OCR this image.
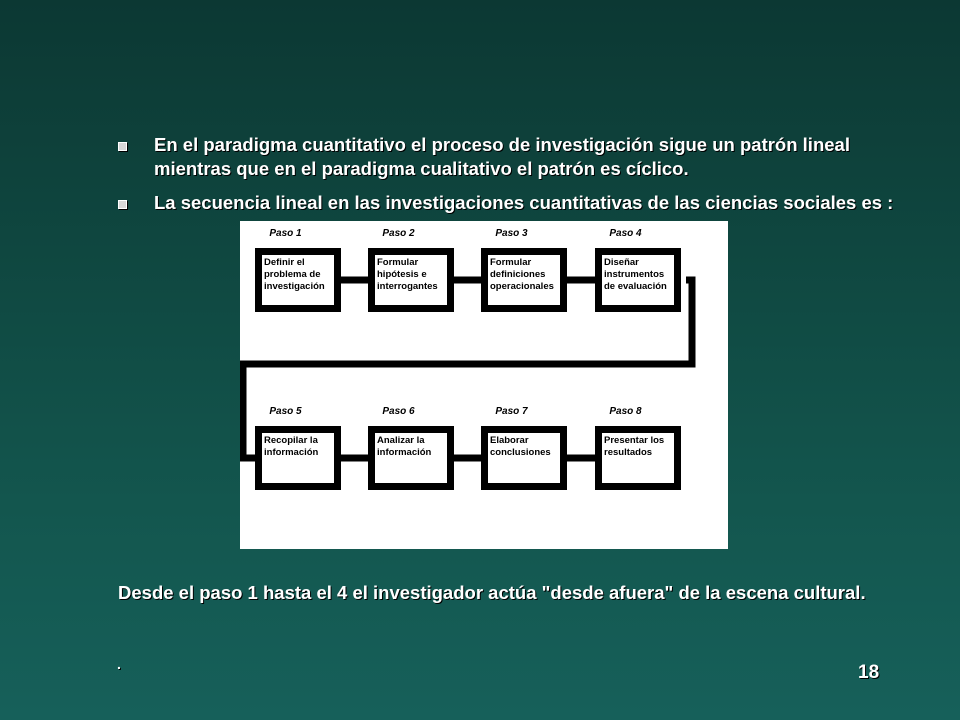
En el paradigma cuantitativo el proceso de investigación sigue un patrón lineal
mientras que en el paradigma cualitativo el patrón es cíclico.
La secuencia lineal en las investigaciones cuantitativas de las ciencias sociales es :
Paso 1
Definir el
problema de
investigación
Paso 2
Formular
hipótesis e
interrogantes
Paso 3
Formular
definiciones
operacionales
Paso 4
Diseñar
instrumentos
de evaluación
Paso 5
Recopilar la
información
Paso 6
Analizar la
información
Paso 7
Elaborar
conclusiones
Paso 8
Presentar los
resultados
Desde el paso 1 hasta el 4 el investigador actúa "desde afuera" de la escena cultural.
.	18
